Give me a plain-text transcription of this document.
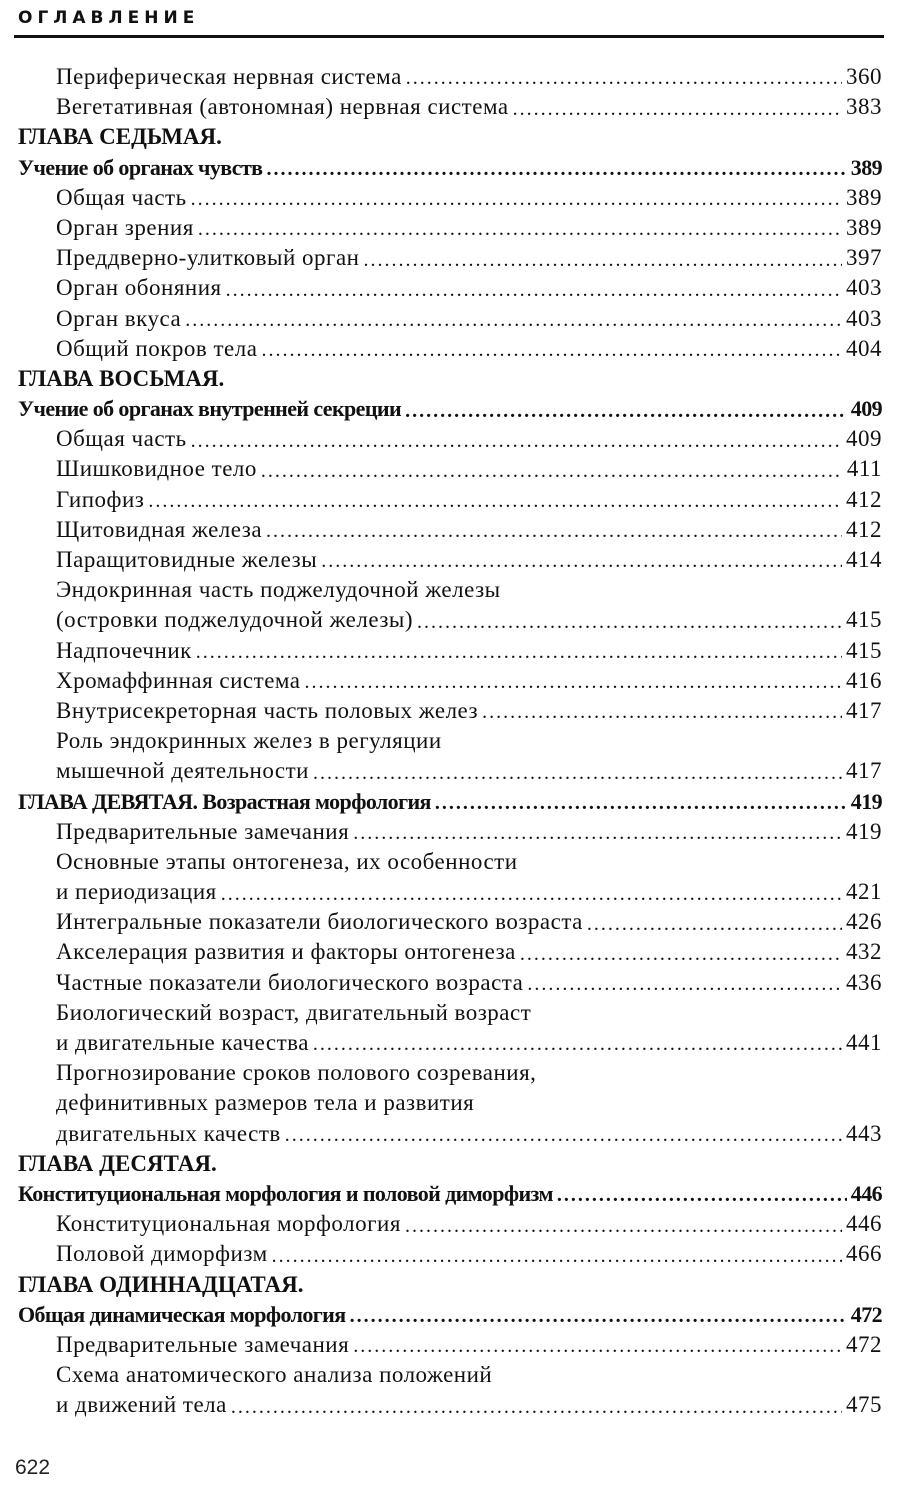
ОГЛАВЛЕНИЕ
Периферическая нервная система . . .	360
Вегетативная (автономная) нервная система . . .	383
ГЛАВА СЕДЬМАЯ.
Учение об органах чувств . . .	389
Общая часть . . .	389
Орган зрения . . .	389
Преддверно-улитковый орган . . .	397
Орган обоняния . . .	403
Орган вкуса . . .	403
Общий покров тела . . .	404
ГЛАВА ВОСЬМАЯ.
Учение об органах внутренней секреции . . .	409
Общая часть . . .	409
Шишковидное тело . . .	411
Гипофиз . . .	412
Щитовидная железа . . .	412
Паращитовидные железы . . .	414
Эндокринная часть поджелудочной железы
(островки поджелудочной железы) . . .	415
Надпочечник . . .	415
Хромаффинная система . . .	416
Внутрисекреторная часть половых желез . . .	417
Роль эндокринных желез в регуляции
мышечной деятельности . . .	417
ГЛАВА ДЕВЯТАЯ. Возрастная морфология . . .	419
Предварительные замечания . . .	419
Основные этапы онтогенеза, их особенности
и периодизация . . .	421
Интегральные показатели биологического возраста . . .	426
Акселерация развития и факторы онтогенеза . . .	432
Частные показатели биологического возраста . . .	436
Биологический возраст, двигательный возраст
и двигательные качества . . .	441
Прогнозирование сроков полового созревания,
дефинитивных размеров тела и развития
двигательных качеств . . .	443
ГЛАВА ДЕСЯТАЯ.
Конституциональная морфология и половой диморфизм . . .	446
Конституциональная морфология . . .	446
Половой диморфизм . . .	466
ГЛАВА ОДИННАДЦАТАЯ.
Общая динамическая морфология . . .	472
Предварительные замечания . . .	472
Схема анатомического анализа положений
и движений тела . . .	475
622
